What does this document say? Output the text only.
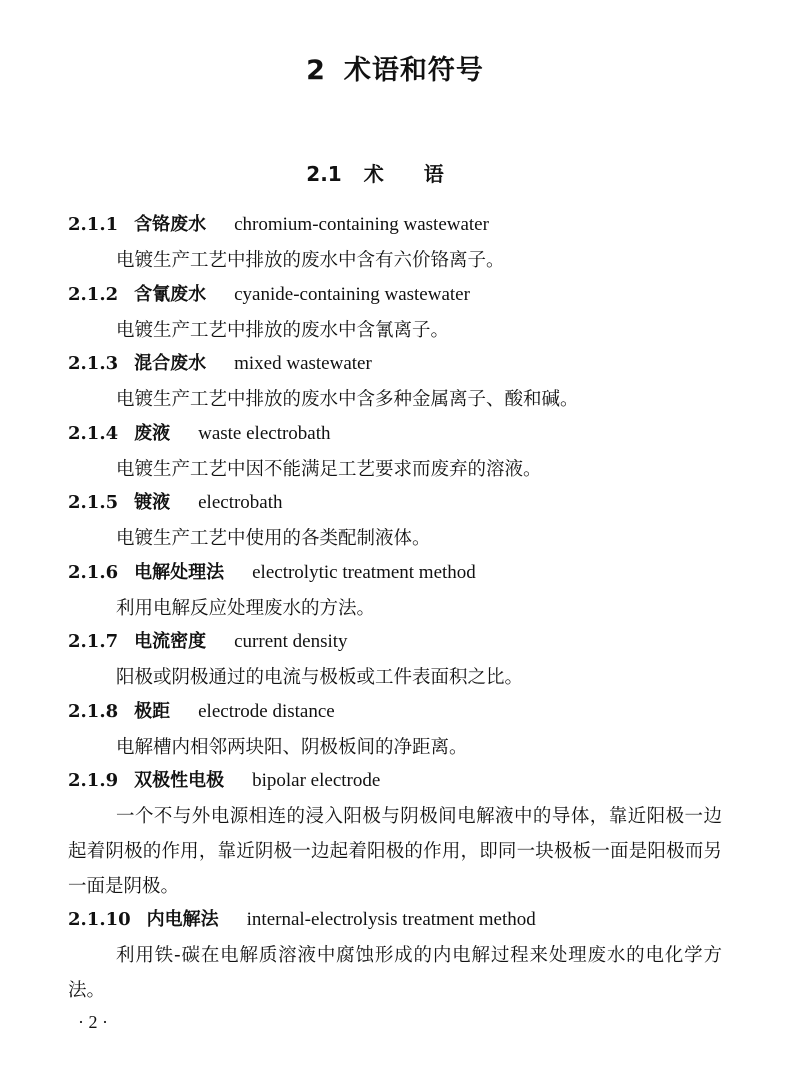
2 术语和符号
2.1 术语
2.1.1 含铬废水 chromium-containing wastewater
电镀生产工艺中排放的废水中含有六价铬离子。
2.1.2 含氰废水 cyanide-containing wastewater
电镀生产工艺中排放的废水中含氰离子。
2.1.3 混合废水 mixed wastewater
电镀生产工艺中排放的废水中含多种金属离子、酸和碱。
2.1.4 废液 waste electrobath
电镀生产工艺中因不能满足工艺要求而废弃的溶液。
2.1.5 镀液 electrobath
电镀生产工艺中使用的各类配制液体。
2.1.6 电解处理法 electrolytic treatment method
利用电解反应处理废水的方法。
2.1.7 电流密度 current density
阳极或阴极通过的电流与极板或工件表面积之比。
2.1.8 极距 electrode distance
电解槽内相邻两块阳、阴极板间的净距离。
2.1.9 双极性电极 bipolar electrode
一个不与外电源相连的浸入阳极与阴极间电解液中的导体，靠近阳极一边起着阴极的作用，靠近阴极一边起着阳极的作用，即同一块极板一面是阳极而另一面是阴极。
2.1.10 内电解法 internal-electrolysis treatment method
利用铁-碳在电解质溶液中腐蚀形成的内电解过程来处理废水的电化学方法。
· 2 ·
